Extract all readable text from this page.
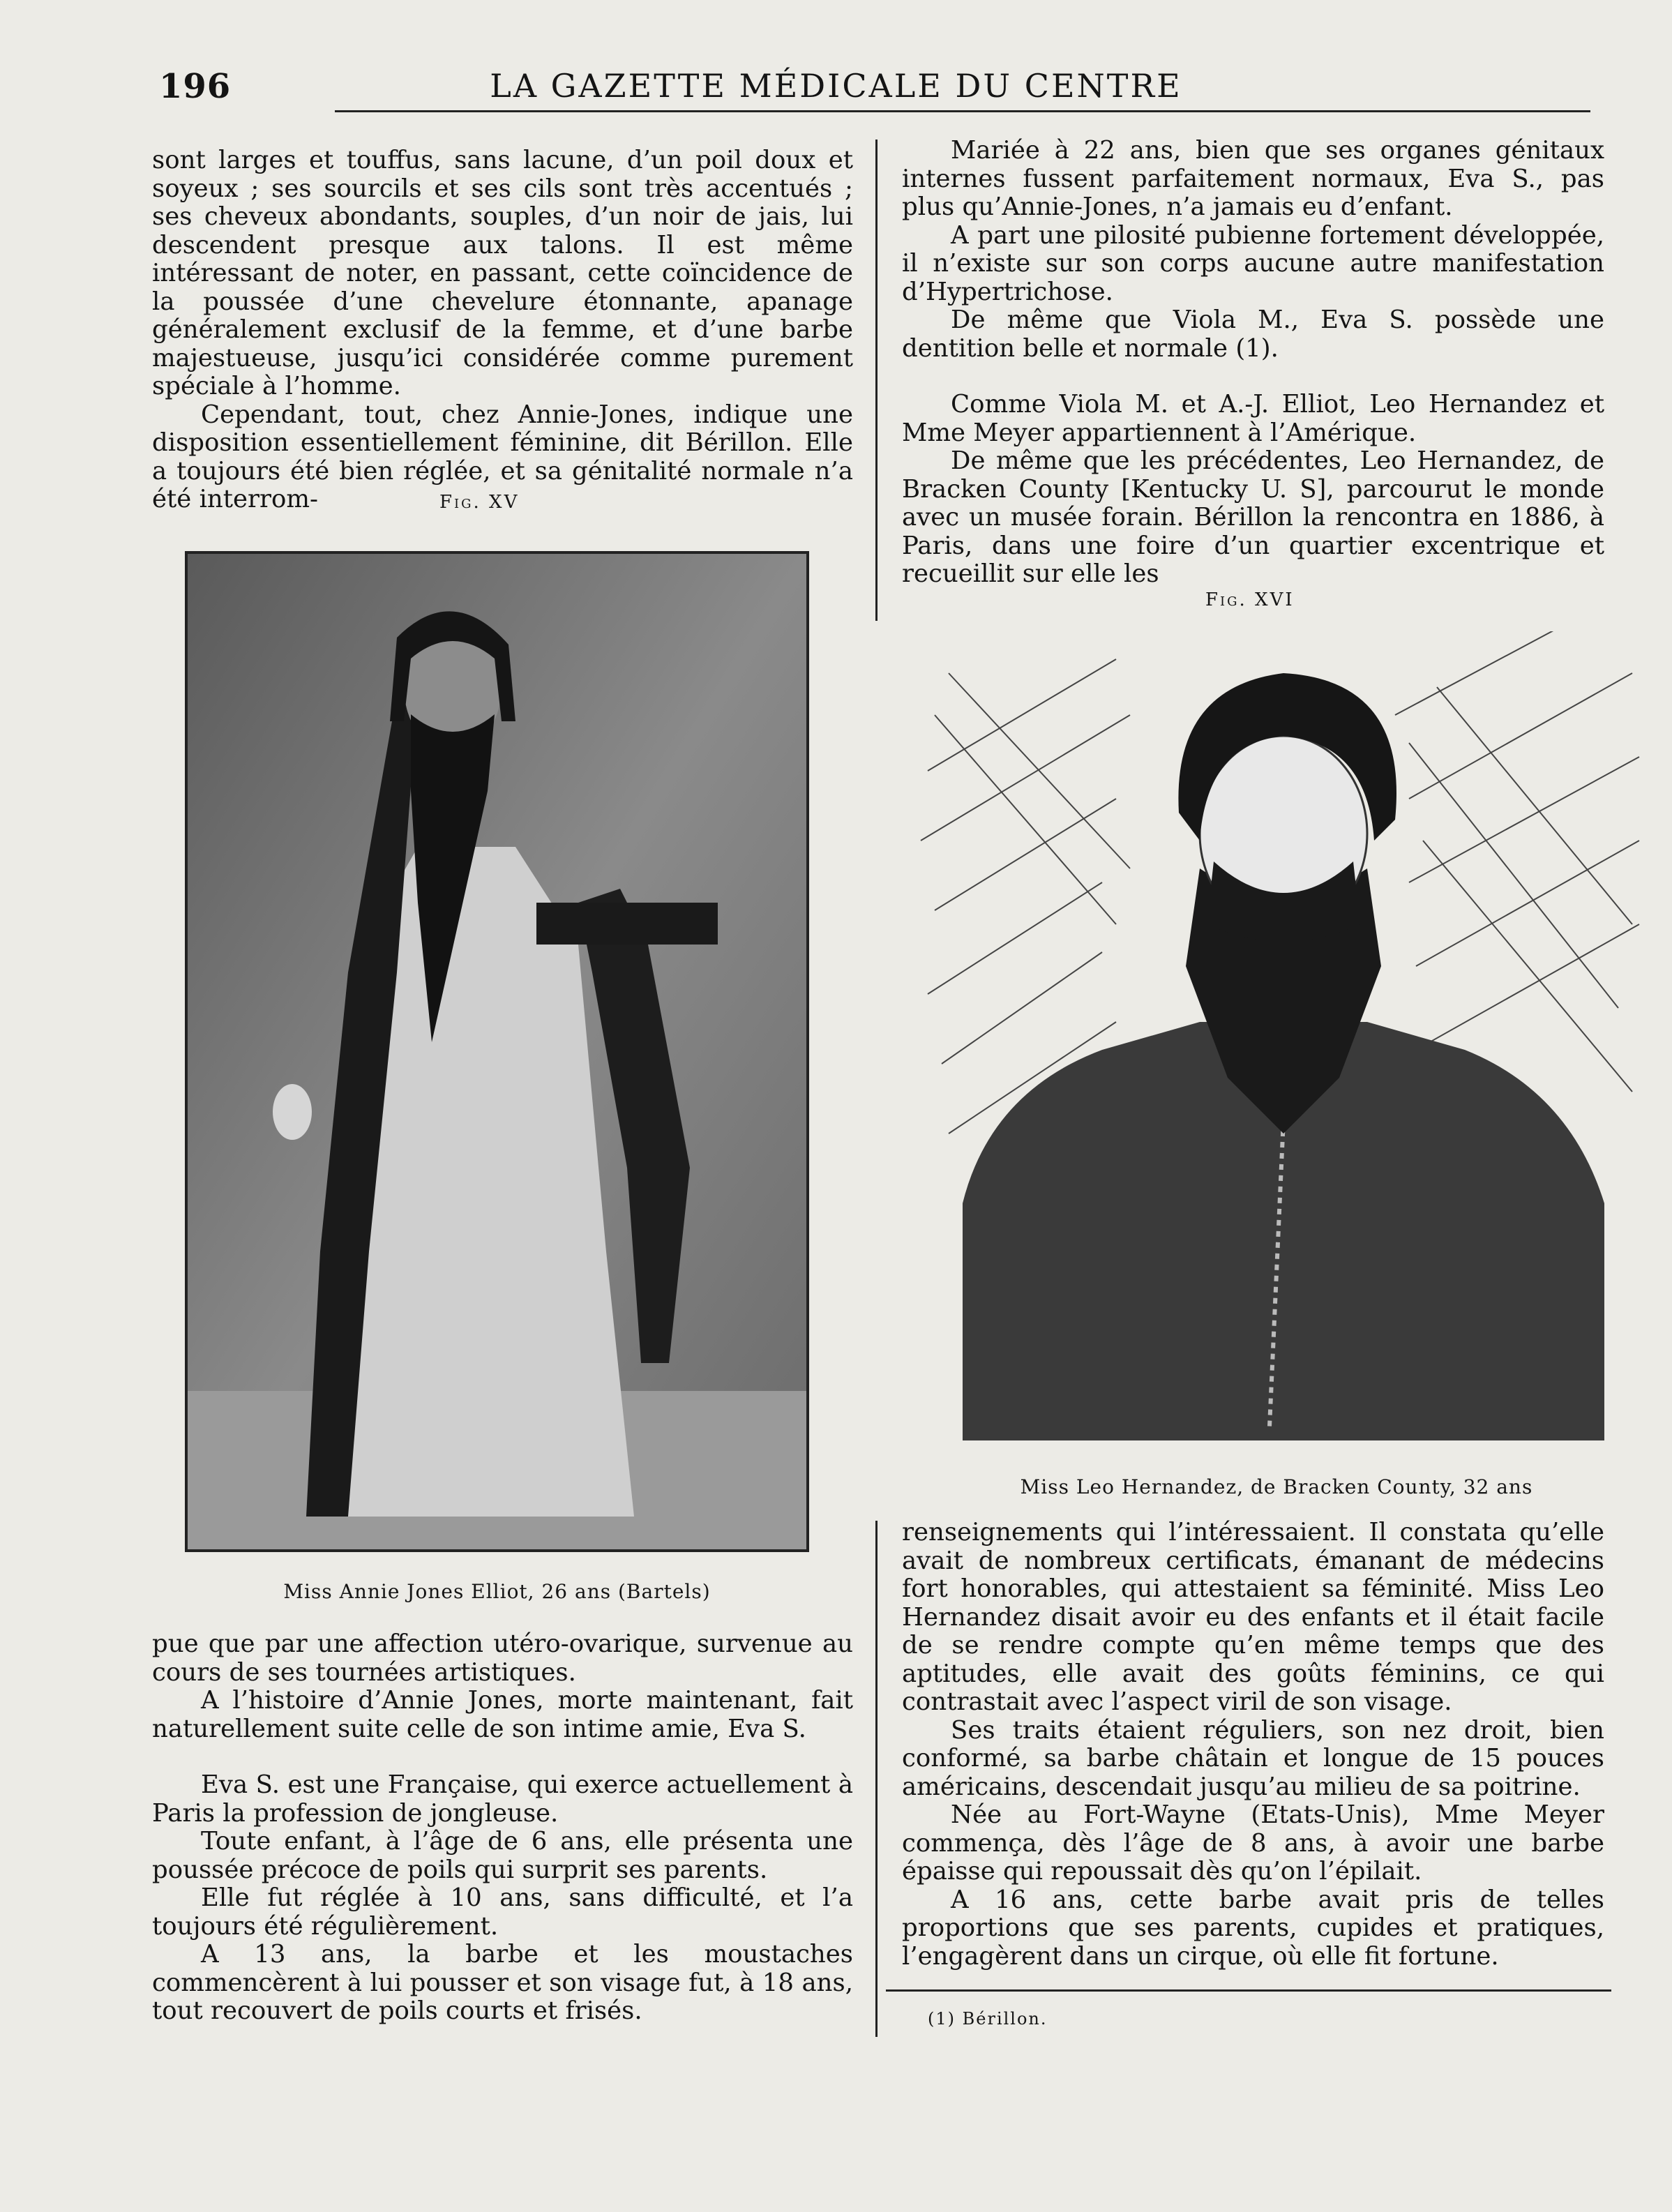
196	LA GAZETTE MÉDICALE DU CENTRE

sont larges et touffus, sans lacune, d’un poil doux et soyeux ; ses sourcils et ses cils sont très accentués ; ses cheveux abondants, souples, d’un noir de jais, lui descendent presque aux talons. Il est même intéressant de noter, en passant, cette coïncidence de la poussée d’une chevelure étonnante, apanage généralement exclusif de la femme, et d’une barbe majestueuse, jusqu’ici considérée comme purement spéciale à l’homme.

Cependant, tout, chez Annie-Jones, indique une disposition essentiellement féminine, dit Bérillon. Elle a toujours été bien réglée, et sa génitalité normale n’a été interrom-	Fig. XV
Miss Annie Jones Elliot, 26 ans (Bartels)

pue que par une affection utéro-ovarique, survenue au cours de ses tournées artistiques.

A l’histoire d’Annie Jones, morte maintenant, fait naturellement suite celle de son intime amie, Eva S.

Eva S. est une Française, qui exerce actuellement à Paris la profession de jongleuse.

Toute enfant, à l’âge de 6 ans, elle présenta une poussée précoce de poils qui surprit ses parents.

Elle fut réglée à 10 ans, sans difficulté, et l’a toujours été régulièrement.

A 13 ans, la barbe et les moustaches commencèrent à lui pousser et son visage fut, à 18 ans, tout recouvert de poils courts et frisés.

Mariée à 22 ans, bien que ses organes génitaux internes fussent parfaitement normaux, Eva S., pas plus qu’Annie-Jones, n’a jamais eu d’enfant.

A part une pilosité pubienne fortement développée, il n’existe sur son corps aucune autre manifestation d’Hypertrichose.

De même que Viola M., Eva S. possède une dentition belle et normale (1).

Comme Viola M. et A.-J. Elliot, Leo Hernandez et Mme Meyer appartiennent à l’Amérique.

De même que les précédentes, Leo Hernandez, de Bracken County [Kentucky U. S], parcourut le monde avec un musée forain. Bérillon la rencontra en 1886, à Paris, dans une foire d’un quartier excentrique et recueillit sur elle les

Fig. XVI
Miss Leo Hernandez, de Bracken County, 32 ans

renseignements qui l’intéressaient. Il constata qu’elle avait de nombreux certificats, émanant de médecins fort honorables, qui attestaient sa féminité. Miss Leo Hernandez disait avoir eu des enfants et il était facile de se rendre compte qu’en même temps que des aptitudes, elle avait des goûts féminins, ce qui contrastait avec l’aspect viril de son visage.

Ses traits étaient réguliers, son nez droit, bien conformé, sa barbe châtain et longue de 15 pouces américains, descendait jusqu’au milieu de sa poitrine.

Née au Fort-Wayne (Etats-Unis), Mme Meyer commença, dès l’âge de 8 ans, à avoir une barbe épaisse qui repoussait dès qu’on l’épilait.

A 16 ans, cette barbe avait pris de telles proportions que ses parents, cupides et pratiques, l’engagèrent dans un cirque, où elle fit fortune.

(1) Bérillon.
